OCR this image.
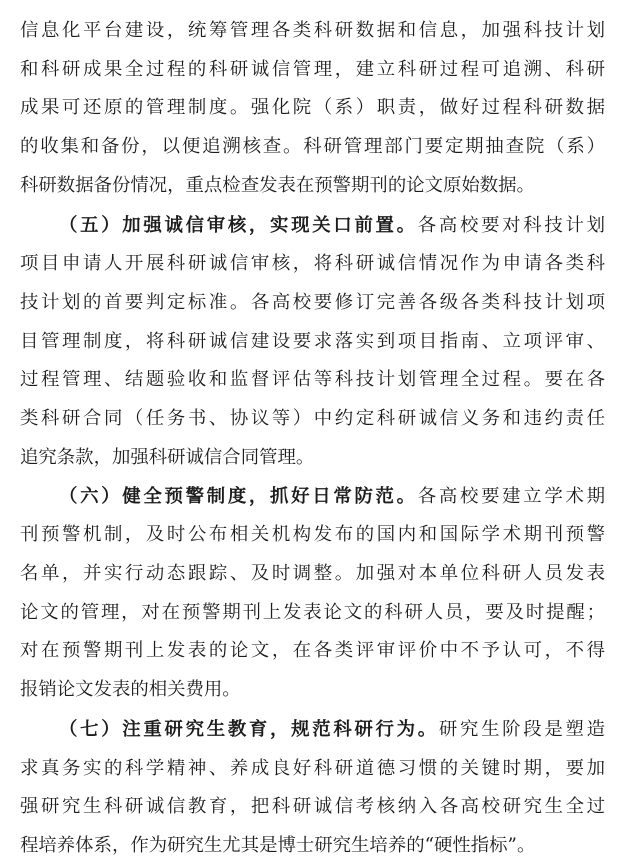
信息化平台建设，统筹管理各类科研数据和信息，加强科技计划
和科研成果全过程的科研诚信管理，建立科研过程可追溯、科研
成果可还原的管理制度。强化院（系）职责，做好过程科研数据
的收集和备份，以便追溯核查。科研管理部门要定期抽查院（系）
科研数据备份情况，重点检查发表在预警期刊的论文原始数据。
（五）加强诚信审核，实现关口前置。各高校要对科技计划
项目申请人开展科研诚信审核，将科研诚信情况作为申请各类科
技计划的首要判定标准。各高校要修订完善各级各类科技计划项
目管理制度，将科研诚信建设要求落实到项目指南、立项评审、
过程管理、结题验收和监督评估等科技计划管理全过程。要在各
类科研合同（任务书、协议等）中约定科研诚信义务和违约责任
追究条款，加强科研诚信合同管理。
（六）健全预警制度，抓好日常防范。各高校要建立学术期
刊预警机制，及时公布相关机构发布的国内和国际学术期刊预警
名单，并实行动态跟踪、及时调整。加强对本单位科研人员发表
论文的管理，对在预警期刊上发表论文的科研人员，要及时提醒；
对在预警期刊上发表的论文，在各类评审评价中不予认可，不得
报销论文发表的相关费用。
（七）注重研究生教育，规范科研行为。研究生阶段是塑造
求真务实的科学精神、养成良好科研道德习惯的关键时期，要加
强研究生科研诚信教育，把科研诚信考核纳入各高校研究生全过
程培养体系，作为研究生尤其是博士研究生培养的“硬性指标”。
